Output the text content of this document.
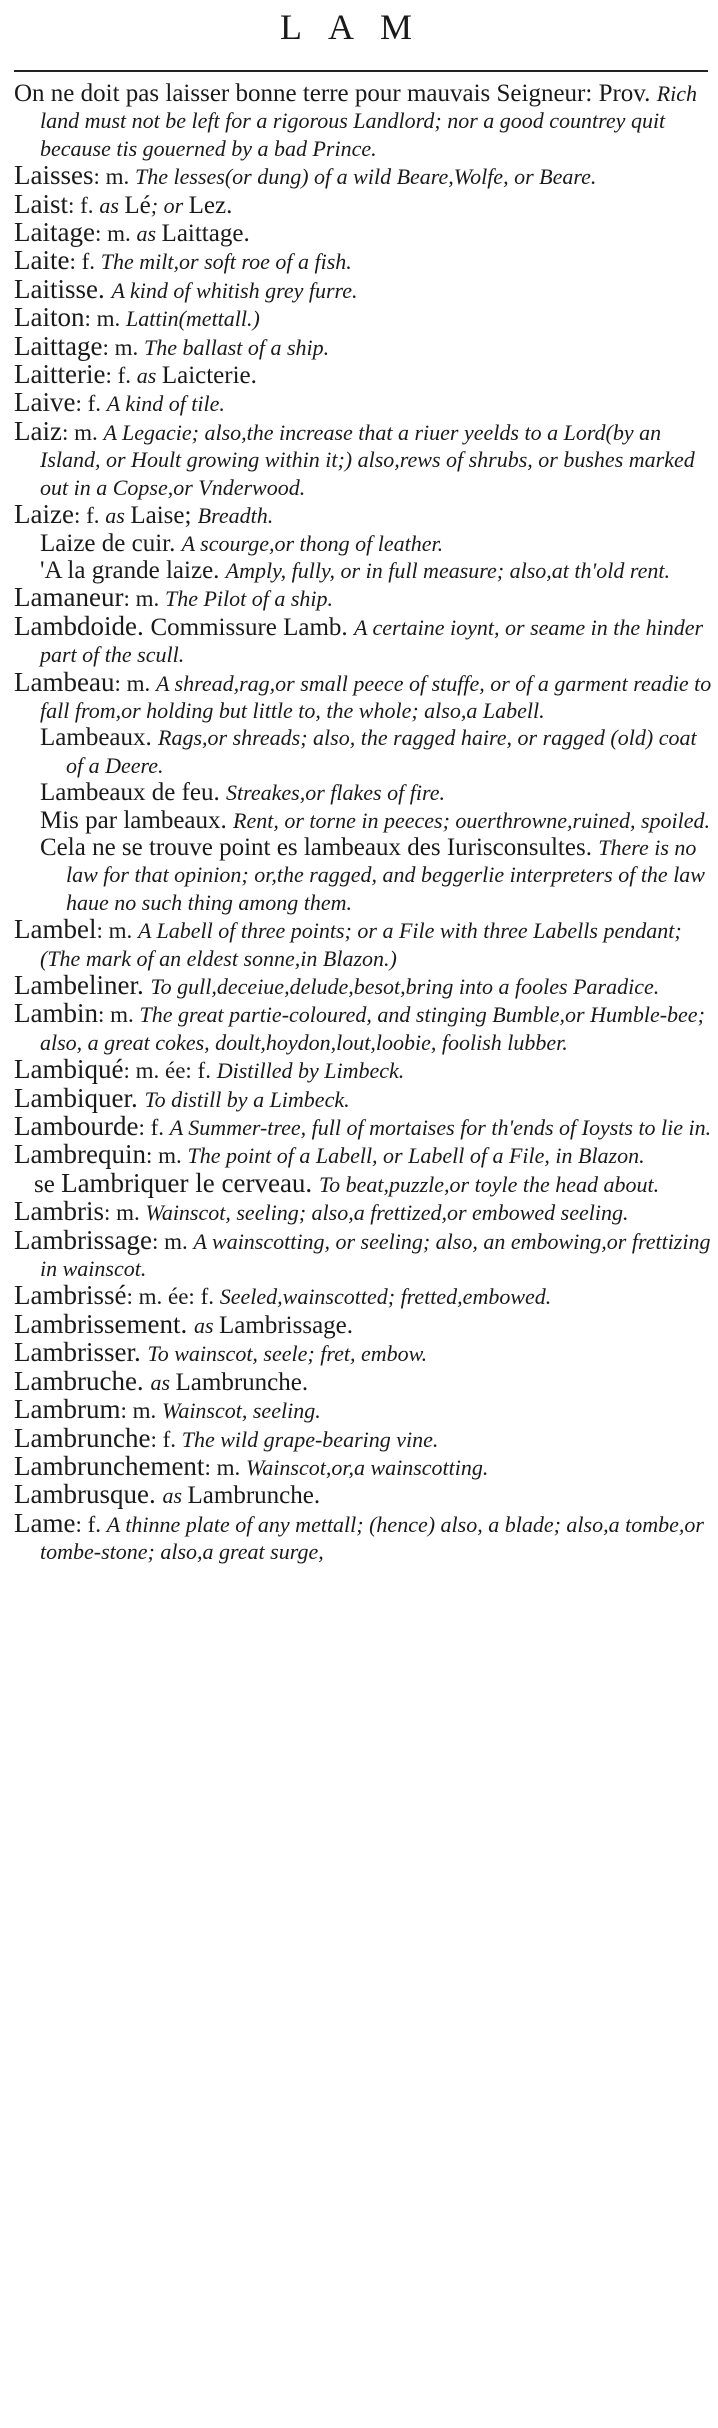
LAM

On ne doit pas laisser bonne terre pour mauvais Seigneur: Prov. Rich land must not be left for a rigorous Landlord; nor a good countrey quit because tis gouerned by a bad Prince.

Laisses: m. The lesses(or dung) of a wild Beare,Wolfe, or Beare.

Laist: f. as Lé; or Lez.

Laitage: m. as Laittage.

Laite: f. The milt,or soft roe of a fish.

Laitisse. A kind of whitish grey furre.

Laiton: m. Lattin(mettall.)

Laittage: m. The ballast of a ship.

Laitterie: f. as Laicterie.

Laive: f. A kind of tile.

Laiz: m. A Legacie; also,the increase that a riuer yeelds to a Lord(by an Island, or Hoult growing within it;) also,rews of shrubs, or bushes marked out in a Copse,or Vnderwood.

Laize: f. as Laise; Breadth.

Laize de cuir. A scourge,or thong of leather.

'A la grande laize. Amply, fully, or in full measure; also,at th'old rent.

Lamaneur: m. The Pilot of a ship.

Lambdoide. Commissure Lamb. A certaine ioynt, or seame in the hinder part of the scull.

Lambeau: m. A shread,rag,or small peece of stuffe, or of a garment readie to fall from,or holding but little to, the whole; also,a Labell.

Lambeaux. Rags,or shreads; also, the ragged haire, or ragged (old) coat of a Deere.

Lambeaux de feu. Streakes,or flakes of fire.

Mis par lambeaux. Rent, or torne in peeces; ouerthrowne,ruined, spoiled.

Cela ne se trouve point es lambeaux des Iurisconsultes. There is no law for that opinion; or,the ragged, and beggerlie interpreters of the law haue no such thing among them.

Lambel: m. A Labell of three points; or a File with three Labells pendant; (The mark of an eldest sonne,in Blazon.)

Lambeliner. To gull,deceiue,delude,besot,bring into a fooles Paradice.

Lambin: m. The great partie-coloured, and stinging Bumble,or Humble-bee; also, a great cokes, doult,hoydon,lout,loobie, foolish lubber.

Lambiqué: m. ée: f. Distilled by Limbeck.

Lambiquer. To distill by a Limbeck.

Lambourde: f. A Summer-tree, full of mortaises for th'ends of Ioysts to lie in.

Lambrequin: m. The point of a Labell, or Labell of a File, in Blazon.

se Lambriquer le cerveau. To beat,puzzle,or toyle the head about.

Lambris: m. Wainscot, seeling; also,a frettized,or embowed seeling.

Lambrissage: m. A wainscotting, or seeling; also, an embowing,or frettizing in wainscot.

Lambrissé: m. ée: f. Seeled,wainscotted; fretted,embowed.

Lambrissement. as Lambrissage.

Lambrisser. To wainscot, seele; fret, embow.

Lambruche. as Lambrunche.

Lambrum: m. Wainscot, seeling.

Lambrunche: f. The wild grape-bearing vine.

Lambrunchement: m. Wainscot,or,a wainscotting.

Lambrusque. as Lambrunche.

Lame: f. A thinne plate of any mettall; (hence) also, a blade; also,a tombe,or tombe-stone; also,a great surge,
